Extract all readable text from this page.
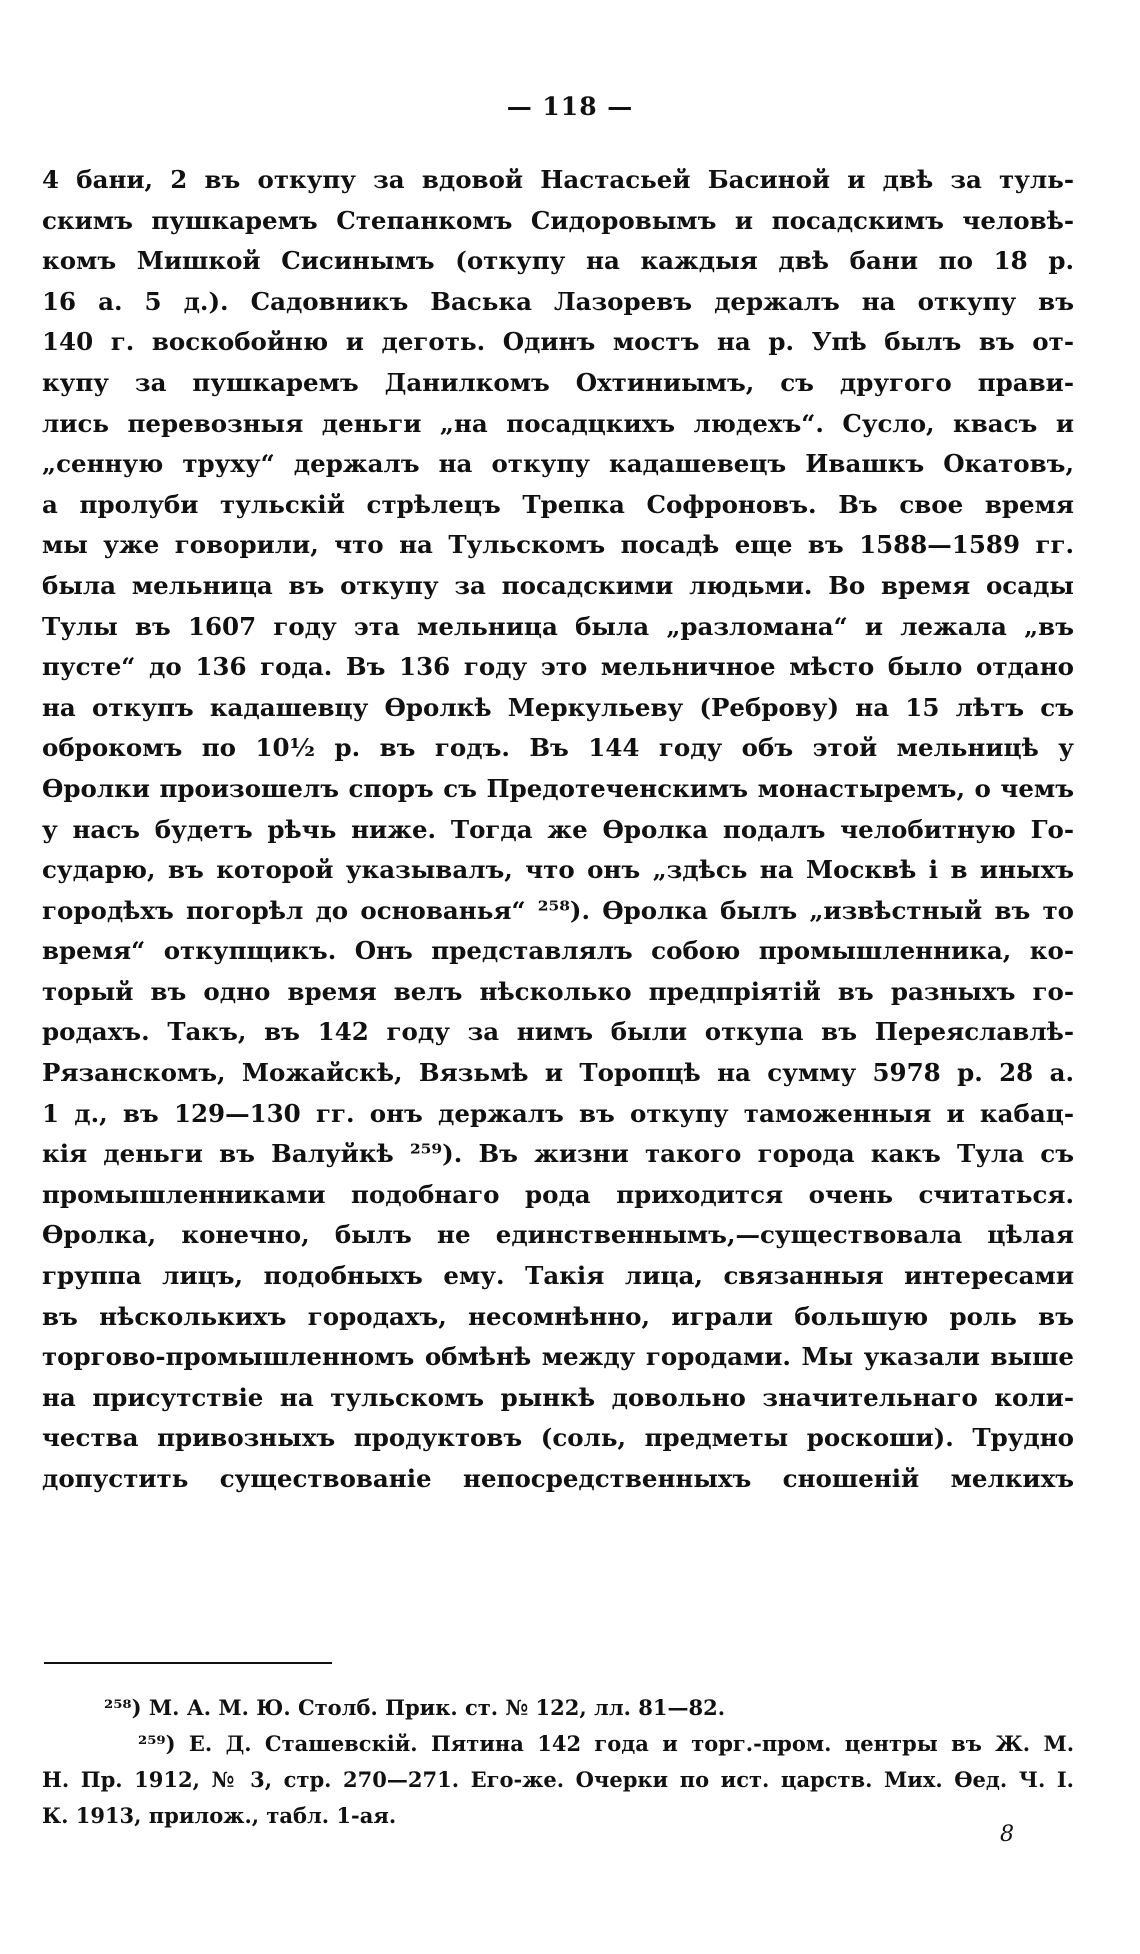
— 118 —
4 бани, 2 въ откупу за вдовой Настасьей Басиной и двѣ за туль-
скимъ пушкаремъ Степанкомъ Сидоровымъ и посадскимъ человѣ-
комъ Мишкой Сисинымъ (откупу на каждыя двѣ бани по 18 р.
16 а. 5 д.). Садовникъ Васька Лазоревъ держалъ на откупу въ
140 г. воскобойню и деготь. Одинъ мостъ на р. Упѣ былъ въ от-
купу за пушкаремъ Данилкомъ Охтиниымъ, съ другого прави-
лись перевозныя деньги „на посадцкихъ людехъ“. Сусло, квасъ и
„сенную труху“ держалъ на откупу кадашевецъ Ивашкъ Окатовъ,
а пролуби тульскій стрѣлецъ Трепка Софроновъ. Въ свое время
мы уже говорили, что на Тульскомъ посадѣ еще въ 1588—1589 гг.
была мельница въ откупу за посадскими людьми. Во время осады
Тулы въ 1607 году эта мельница была „разломана“ и лежала „въ
пусте“ до 136 года. Въ 136 году это мельничное мѣсто было отдано
на откупъ кадашевцу Өролкѣ Меркульеву (Реброву) на 15 лѣтъ съ
оброкомъ по 10½ р. въ годъ. Въ 144 году объ этой мельницѣ у
Өролки произошелъ споръ съ Предотеченскимъ монастыремъ, о чемъ
у насъ будетъ рѣчь ниже. Тогда же Өролка подалъ челобитную Го-
сударю, въ которой указывалъ, что онъ „здѣсь на Москвѣ і в иныхъ
городѣхъ погорѣл до основанья“ ²⁵⁸). Өролка былъ „извѣстный въ то
время“ откупщикъ. Онъ представлялъ собою промышленника, ко-
торый въ одно время велъ нѣсколько предпріятій въ разныхъ го-
родахъ. Такъ, въ 142 году за нимъ были откупа въ Переяславлѣ-
Рязанскомъ, Можайскѣ, Вязьмѣ и Торопцѣ на сумму 5978 р. 28 а.
1 д., въ 129—130 гг. онъ держалъ въ откупу таможенныя и кабац-
кія деньги въ Валуйкѣ ²⁵⁹). Въ жизни такого города какъ Тула съ
промышленниками подобнаго рода приходится очень считаться.
Өролка, конечно, былъ не единственнымъ,—существовала цѣлая
группа лицъ, подобныхъ ему. Такія лица, связанныя интересами
въ нѣсколькихъ городахъ, несомнѣнно, играли большую роль въ
торгово-промышленномъ обмѣнѣ между городами. Мы указали выше
на присутствіе на тульскомъ рынкѣ довольно значительнаго коли-
чества привозныхъ продуктовъ (соль, предметы роскоши). Трудно
допустить существованіе непосредственныхъ сношеній мелкихъ
²⁵⁸) М. А. М. Ю. Столб. Прик. ст. № 122, лл. 81—82.
²⁵⁹) Е. Д. Сташевскій. Пятина 142 года и торг.-пром. центры въ Ж. М.
Н. Пр. 1912, № 3, стр. 270—271. Его-же. Очерки по ист. царств. Мих. Өед. Ч. I.
К. 1913, прилож., табл. 1-ая.
8
